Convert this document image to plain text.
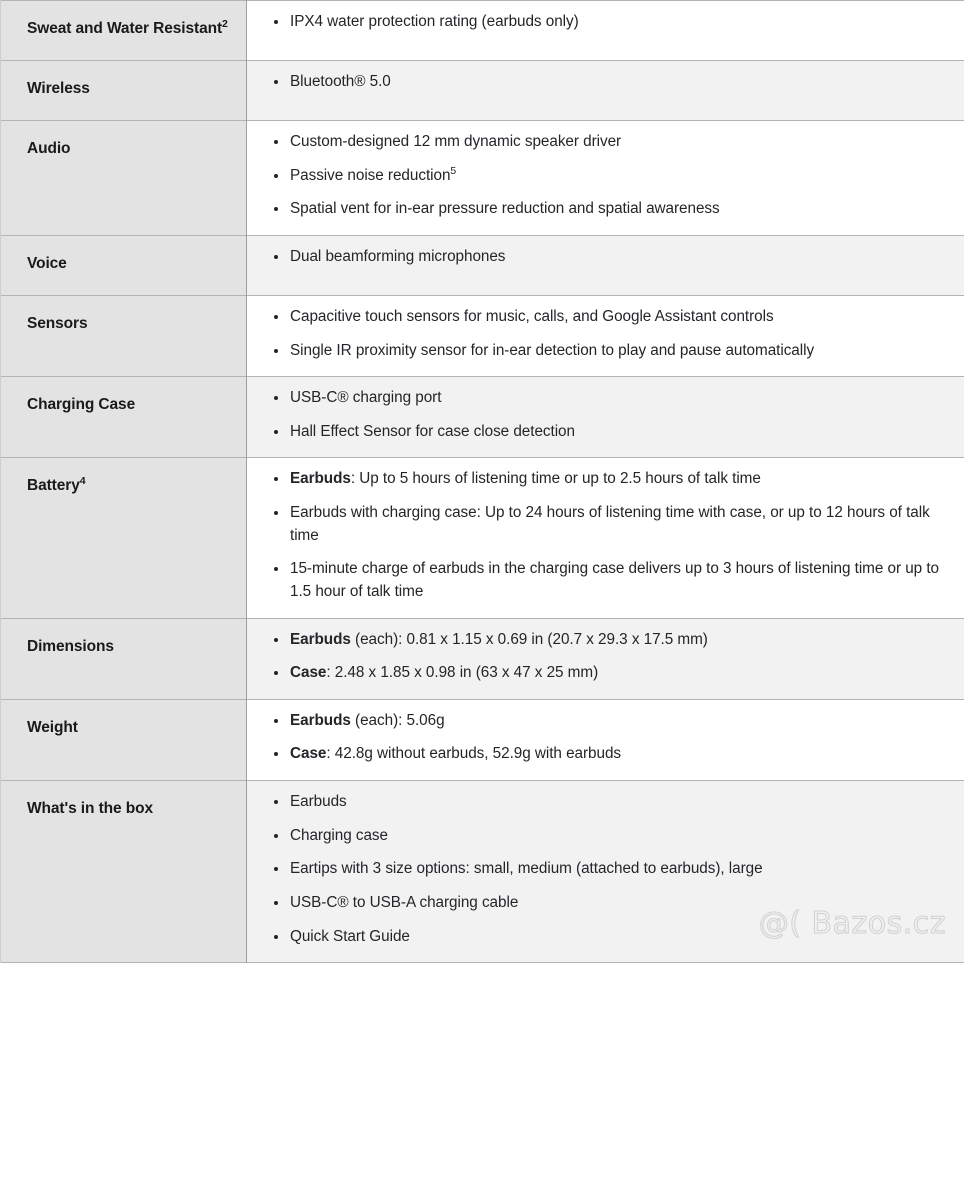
Sweat and Water Resistant$^2$	IPX4 water protection rating (earbuds only)

Wireless	Bluetooth® 5.0

Audio	Custom-designed 12 mm dynamic speaker driver
Passive noise reduction$^5$
Spatial vent for in-ear pressure reduction and spatial awareness

Voice	Dual beamforming microphones

Sensors	Capacitive touch sensors for music, calls, and Google Assistant controls
Single IR proximity sensor for in-ear detection to play and pause automatically

Charging Case	USB-C® charging port
Hall Effect Sensor for case close detection

Battery$^4$	Earbuds: Up to 5 hours of listening time or up to 2.5 hours of talk time
Earbuds with charging case: Up to 24 hours of listening time with case, or up to 12 hours of talk time
15-minute charge of earbuds in the charging case delivers up to 3 hours of listening time or up to 1.5 hour of talk time

Dimensions	Earbuds (each): 0.81 x 1.15 x 0.69 in (20.7 x 29.3 x 17.5 mm)
Case: 2.48 x 1.85 x 0.98 in (63 x 47 x 25 mm)

Weight	Earbuds (each): 5.06g
Case: 42.8g without earbuds, 52.9g with earbuds

What's in the box	Earbuds
Charging case
Eartips with 3 size options: small, medium (attached to earbuds), large
USB-C® to USB-A charging cable
Quick Start Guide
